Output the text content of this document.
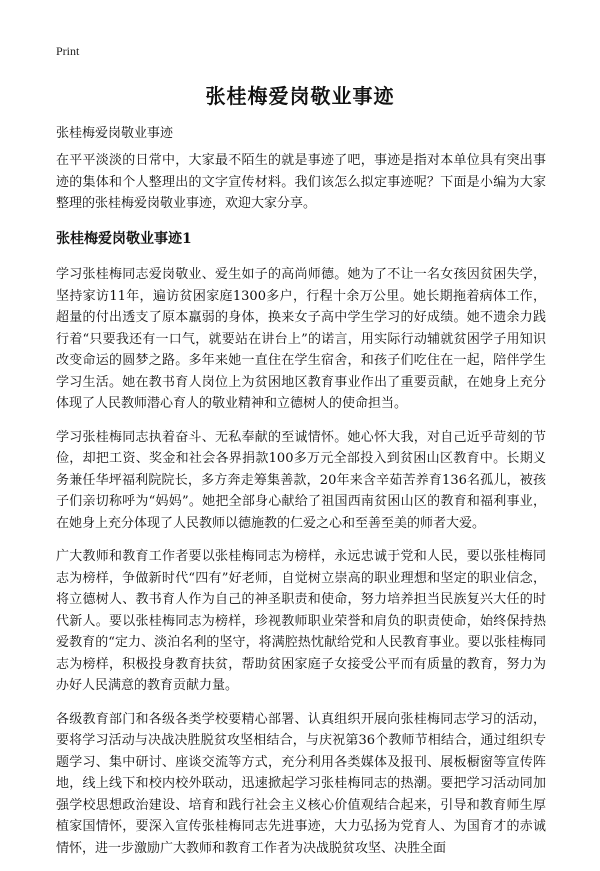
Print
张桂梅爱岗敬业事迹
张桂梅爱岗敬业事迹

在平平淡淡的日常中，大家最不陌生的就是事迹了吧，事迹是指对本单位具有突出事迹的集体和个人整理出的文字宣传材料。我们该怎么拟定事迹呢？下面是小编为大家整理的张桂梅爱岗敬业事迹，欢迎大家分享。

张桂梅爱岗敬业事迹1

学习张桂梅同志爱岗敬业、爱生如子的高尚师德。她为了不让一名女孩因贫困失学，坚持家访11年，遍访贫困家庭1300多户，行程十余万公里。她长期拖着病体工作，超量的付出透支了原本羸弱的身体，换来女子高中学生学习的好成绩。她不遗余力践行着“只要我还有一口气，就要站在讲台上”的诺言，用实际行动辅就贫困学子用知识改变命运的圆梦之路。多年来她一直住在学生宿舍，和孩子们吃住在一起，陪伴学生学习生活。她在教书育人岗位上为贫困地区教育事业作出了重要贡献，在她身上充分体现了人民教师潜心育人的敬业精神和立德树人的使命担当。

学习张桂梅同志执着奋斗、无私奉献的至诚情怀。她心怀大我，对自己近乎苛刻的节俭，却把工资、奖金和社会各界捐款100多万元全部投入到贫困山区教育中。长期义务兼任华坪福利院院长，多方奔走筹集善款，20年来含辛茹苦养育136名孤儿，被孩子们亲切称呼为“妈妈”。她把全部身心献给了祖国西南贫困山区的教育和福利事业，在她身上充分体现了人民教师以德施教的仁爱之心和至善至美的师者大爱。

广大教师和教育工作者要以张桂梅同志为榜样，永远忠诚于党和人民，要以张桂梅同志为榜样，争做新时代“四有”好老师，自觉树立崇高的职业理想和坚定的职业信念，将立德树人、教书育人作为自己的神圣职责和使命，努力培养担当民族复兴大任的时代新人。要以张桂梅同志为榜样，珍视教师职业荣誉和肩负的职责使命，始终保持热爱教育的“定力、淡泊名利的坚守，将满腔热忱献给党和人民教育事业。要以张桂梅同志为榜样，积极投身教育扶贫，帮助贫困家庭子女接受公平而有质量的教育，努力为办好人民满意的教育贡献力量。

各级教育部门和各级各类学校要精心部署、认真组织开展向张桂梅同志学习的活动，要将学习活动与决战决胜脱贫攻坚相结合，与庆祝第36个教师节相结合，通过组织专题学习、集中研讨、座谈交流等方式，充分利用各类媒体及报刊、展板橱窗等宣传阵地，线上线下和校内校外联动，迅速掀起学习张桂梅同志的热潮。要把学习活动同加强学校思想政治建设、培育和践行社会主义核心价值观结合起来，引导和教育师生厚植家国情怀，要深入宣传张桂梅同志先进事迹，大力弘扬为党育人、为国育才的赤诚情怀，进一步激励广大教师和教育工作者为决战脱贫攻坚、决胜全面
